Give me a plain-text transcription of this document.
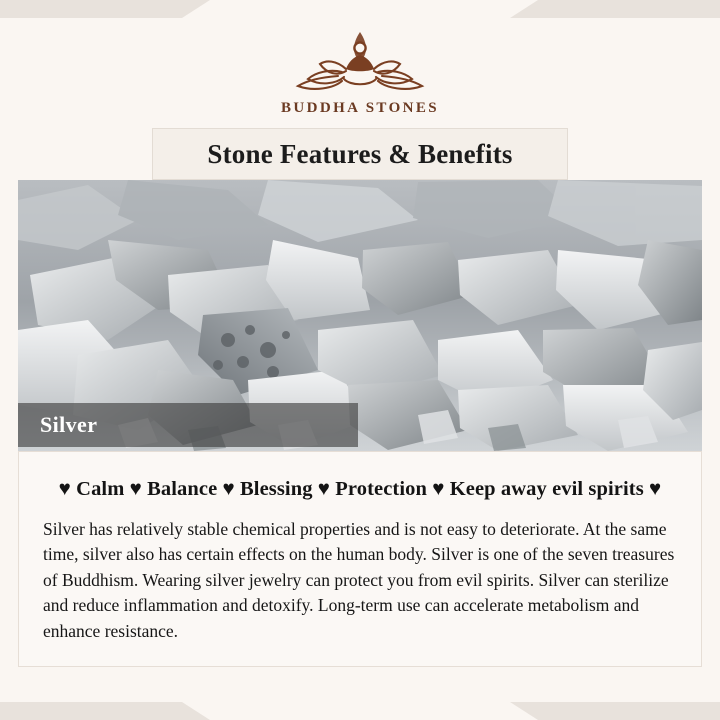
BUDDHA STONES
Stone Features & Benefits
Silver
♥ Calm ♥ Balance ♥ Blessing ♥ Protection ♥ Keep away evil spirits ♥
Silver has relatively stable chemical properties and is not easy to deteriorate. At the same time, silver also has certain effects on the human body. Silver is one of the seven treasures of Buddhism. Wearing silver jewelry can protect you from evil spirits. Silver can sterilize and reduce inflammation and detoxify. Long-term use can accelerate metabolism and enhance resistance.
